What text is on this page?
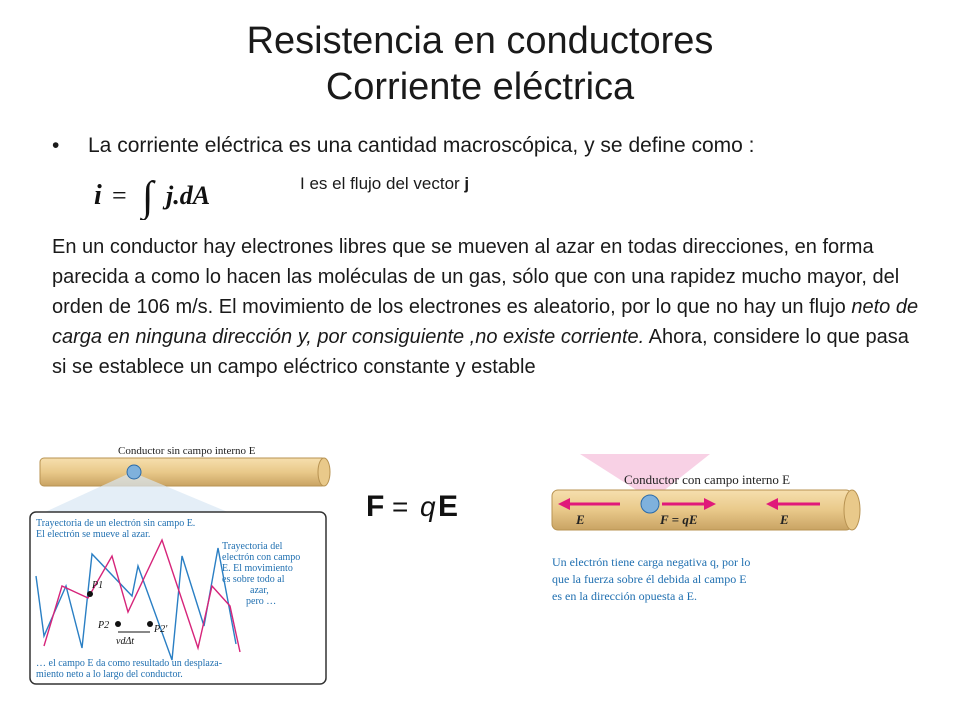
Resistencia en conductores
Corriente eléctrica
• La corriente eléctrica es una cantidad macroscópica, y se define como :
i = ∫ j.dA	I es el flujo del vector j

En un conductor hay electrones libres que se mueven al azar en todas direcciones, en forma parecida a como lo hacen las moléculas de un gas, sólo que con una rapidez mucho mayor, del orden de 106 m/s. El movimiento de los electrones es aleatorio, por lo que no hay un flujo neto de carga en ninguna dirección y, por consiguiente ,no existe corriente. Ahora, considere lo que pasa si se establece un campo eléctrico constante y estable

Conductor sin campo interno E
Trayectoria de un electrón sin campo E.
El electrón se mueve al azar.
Trayectoria del
electrón con campo
E. El movimiento
es sobre todo al
azar,
pero …
P1
P2	P2'
vdΔt
… el campo E da como resultado un desplaza-
miento neto a lo largo del conductor.
F = q E
Conductor con campo interno E
E	F = qE	E
Un electrón tiene carga negativa q, por lo
que la fuerza sobre él debida al campo E
es en la dirección opuesta a E.
